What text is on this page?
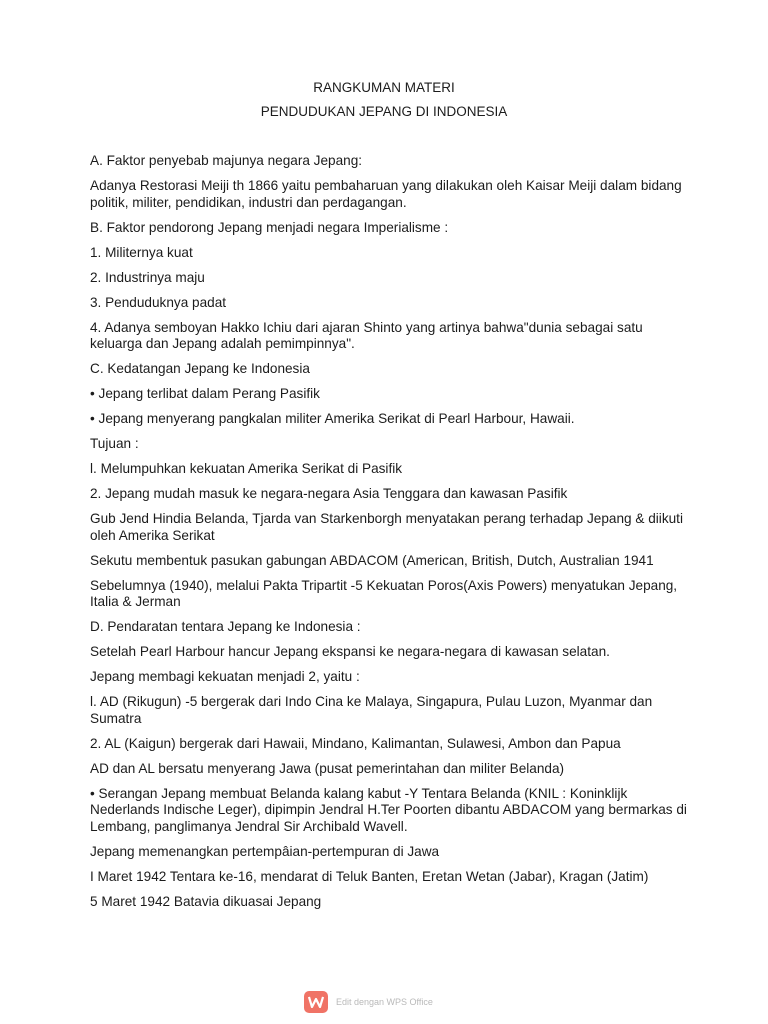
RANGKUMAN MATERI
PENDUDUKAN JEPANG DI INDONESIA

A. Faktor penyebab majunya negara Jepang:

Adanya Restorasi Meiji th 1866 yaitu pembaharuan yang dilakukan oleh Kaisar Meiji dalam bidang politik, militer, pendidikan, industri dan perdagangan.

B. Faktor pendorong Jepang menjadi negara Imperialisme :

1. Militernya kuat

2. Industrinya maju

3. Penduduknya padat

4. Adanya semboyan Hakko Ichiu dari ajaran Shinto yang artinya bahwa"dunia sebagai satu keluarga dan Jepang adalah pemimpinnya".

C. Kedatangan Jepang ke Indonesia

• Jepang terlibat dalam Perang Pasifik

• Jepang menyerang pangkalan militer Amerika Serikat di Pearl Harbour, Hawaii.

Tujuan :

l. Melumpuhkan kekuatan Amerika Serikat di Pasifik

2. Jepang mudah masuk ke negara-negara Asia Tenggara dan kawasan Pasifik

Gub Jend Hindia Belanda, Tjarda van Starkenborgh menyatakan perang terhadap Jepang & diikuti oleh Amerika Serikat

Sekutu membentuk pasukan gabungan ABDACOM (American, British, Dutch, Australian 1941

Sebelumnya (1940), melalui Pakta Tripartit -5 Kekuatan Poros(Axis Powers) menyatukan Jepang, Italia & Jerman

D. Pendaratan tentara Jepang ke Indonesia :

Setelah Pearl Harbour hancur Jepang ekspansi ke negara-negara di kawasan selatan.

Jepang membagi kekuatan menjadi 2, yaitu :

l. AD (Rikugun) -5 bergerak dari Indo Cina ke Malaya, Singapura, Pulau Luzon, Myanmar dan Sumatra

2. AL (Kaigun) bergerak dari Hawaii, Mindano, Kalimantan, Sulawesi, Ambon dan Papua

AD dan AL bersatu menyerang Jawa (pusat pemerintahan dan militer Belanda)

• Serangan Jepang membuat Belanda kalang kabut -Y Tentara Belanda (KNIL : Koninklijk Nederlands Indische Leger), dipimpin Jendral H.Ter Poorten dibantu ABDACOM yang bermarkas di Lembang, panglimanya Jendral Sir Archibald Wavell.

Jepang memenangkan pertempâian-pertempuran di Jawa

I Maret 1942 Tentara ke-16, mendarat di Teluk Banten, Eretan Wetan (Jabar), Kragan (Jatim)

5 Maret 1942 Batavia dikuasai Jepang

Edit dengan WPS Office
